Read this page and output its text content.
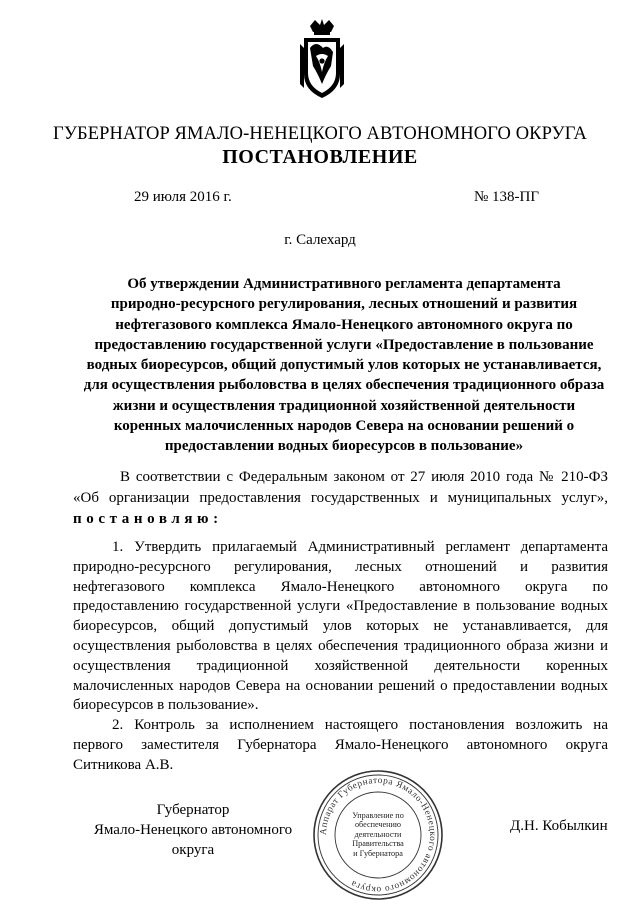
ГУБЕРНАТОР ЯМАЛО-НЕНЕЦКОГО АВТОНОМНОГО ОКРУГА
ПОСТАНОВЛЕНИЕ
29 июля 2016 г.	№ 138-ПГ
г. Салехард
Об утверждении Административного регламента департамента
природно-ресурсного регулирования, лесных отношений и развития
нефтегазового комплекса Ямало-Ненецкого автономного округа по
предоставлению государственной услуги «Предоставление в пользование
водных биоресурсов, общий допустимый улов которых не устанавливается,
для осуществления рыболовства в целях обеспечения традиционного образа
жизни и осуществления традиционной хозяйственной деятельности
коренных малочисленных народов Севера на основании решений о
предоставлении водных биоресурсов в пользование»
В соответствии с Федеральным законом от 27 июля 2010 года № 210-ФЗ
«Об организации предоставления государственных и муниципальных услуг»,
постановляю:
1. Утвердить прилагаемый Административный регламент департамента
природно-ресурсного регулирования, лесных отношений и развития
нефтегазового комплекса Ямало-Ненецкого автономного округа по
предоставлению государственной услуги «Предоставление в пользование водных
биоресурсов, общий допустимый улов которых не устанавливается, для
осуществления рыболовства в целях обеспечения традиционного образа жизни и
осуществления традиционной хозяйственной деятельности коренных
малочисленных народов Севера на основании решений о предоставлении водных
биоресурсов в пользование».
2. Контроль за исполнением настоящего постановления возложить на
первого заместителя Губернатора Ямало-Ненецкого автономного округа
Ситникова А.В.
Губернатор
Ямало-Ненецкого автономного округа
Аппарат Губернатора Ямало-Ненецкого автономного округа
Управление по
обеспечению
деятельности
Правительства
и Губернатора
Д.Н. Кобылкин
